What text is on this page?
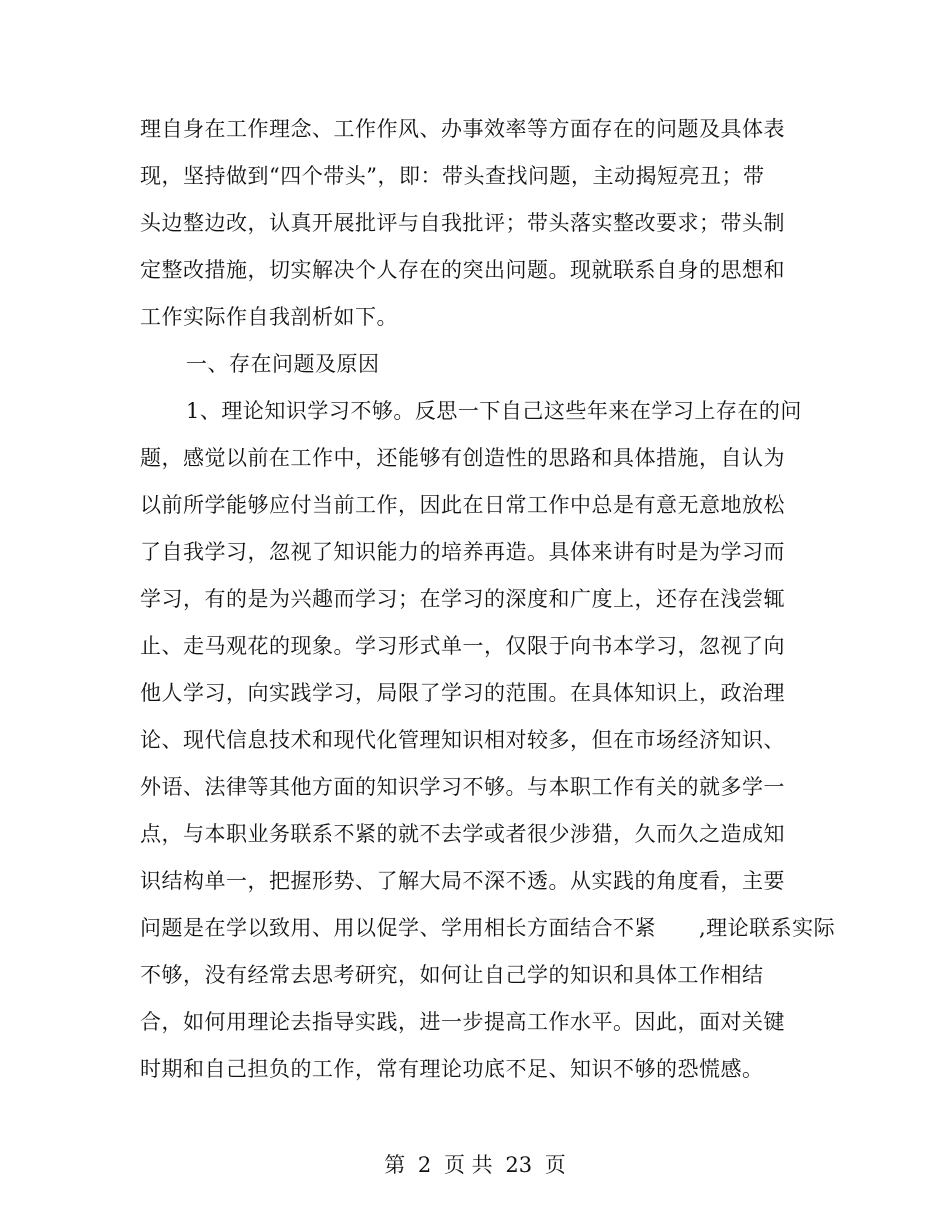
理自身在工作理念、工作作风、办事效率等方面存在的问题及具体表
现，坚持做到“四个带头”，即：带头查找问题，主动揭短亮丑；带
头边整边改，认真开展批评与自我批评；带头落实整改要求；带头制
定整改措施，切实解决个人存在的突出问题。现就联系自身的思想和
工作实际作自我剖析如下。
一、存在问题及原因
1、理论知识学习不够。反思一下自己这些年来在学习上存在的问
题，感觉以前在工作中，还能够有创造性的思路和具体措施，自认为
以前所学能够应付当前工作，因此在日常工作中总是有意无意地放松
了自我学习，忽视了知识能力的培养再造。具体来讲有时是为学习而
学习，有的是为兴趣而学习；在学习的深度和广度上，还存在浅尝辄
止、走马观花的现象。学习形式单一，仅限于向书本学习，忽视了向
他人学习，向实践学习，局限了学习的范围。在具体知识上，政治理
论、现代信息技术和现代化管理知识相对较多，但在市场经济知识、
外语、法律等其他方面的知识学习不够。与本职工作有关的就多学一
点，与本职业务联系不紧的就不去学或者很少涉猎，久而久之造成知
识结构单一，把握形势、了解大局不深不透。从实践的角度看，主要
问题是在学以致用、用以促学、学用相长方面结合不紧　　,理论联系实际
不够，没有经常去思考研究，如何让自己学的知识和具体工作相结
合，如何用理论去指导实践，进一步提高工作水平。因此，面对关键
时期和自己担负的工作，常有理论功底不足、知识不够的恐慌感。
第 2 页 共 23 页
